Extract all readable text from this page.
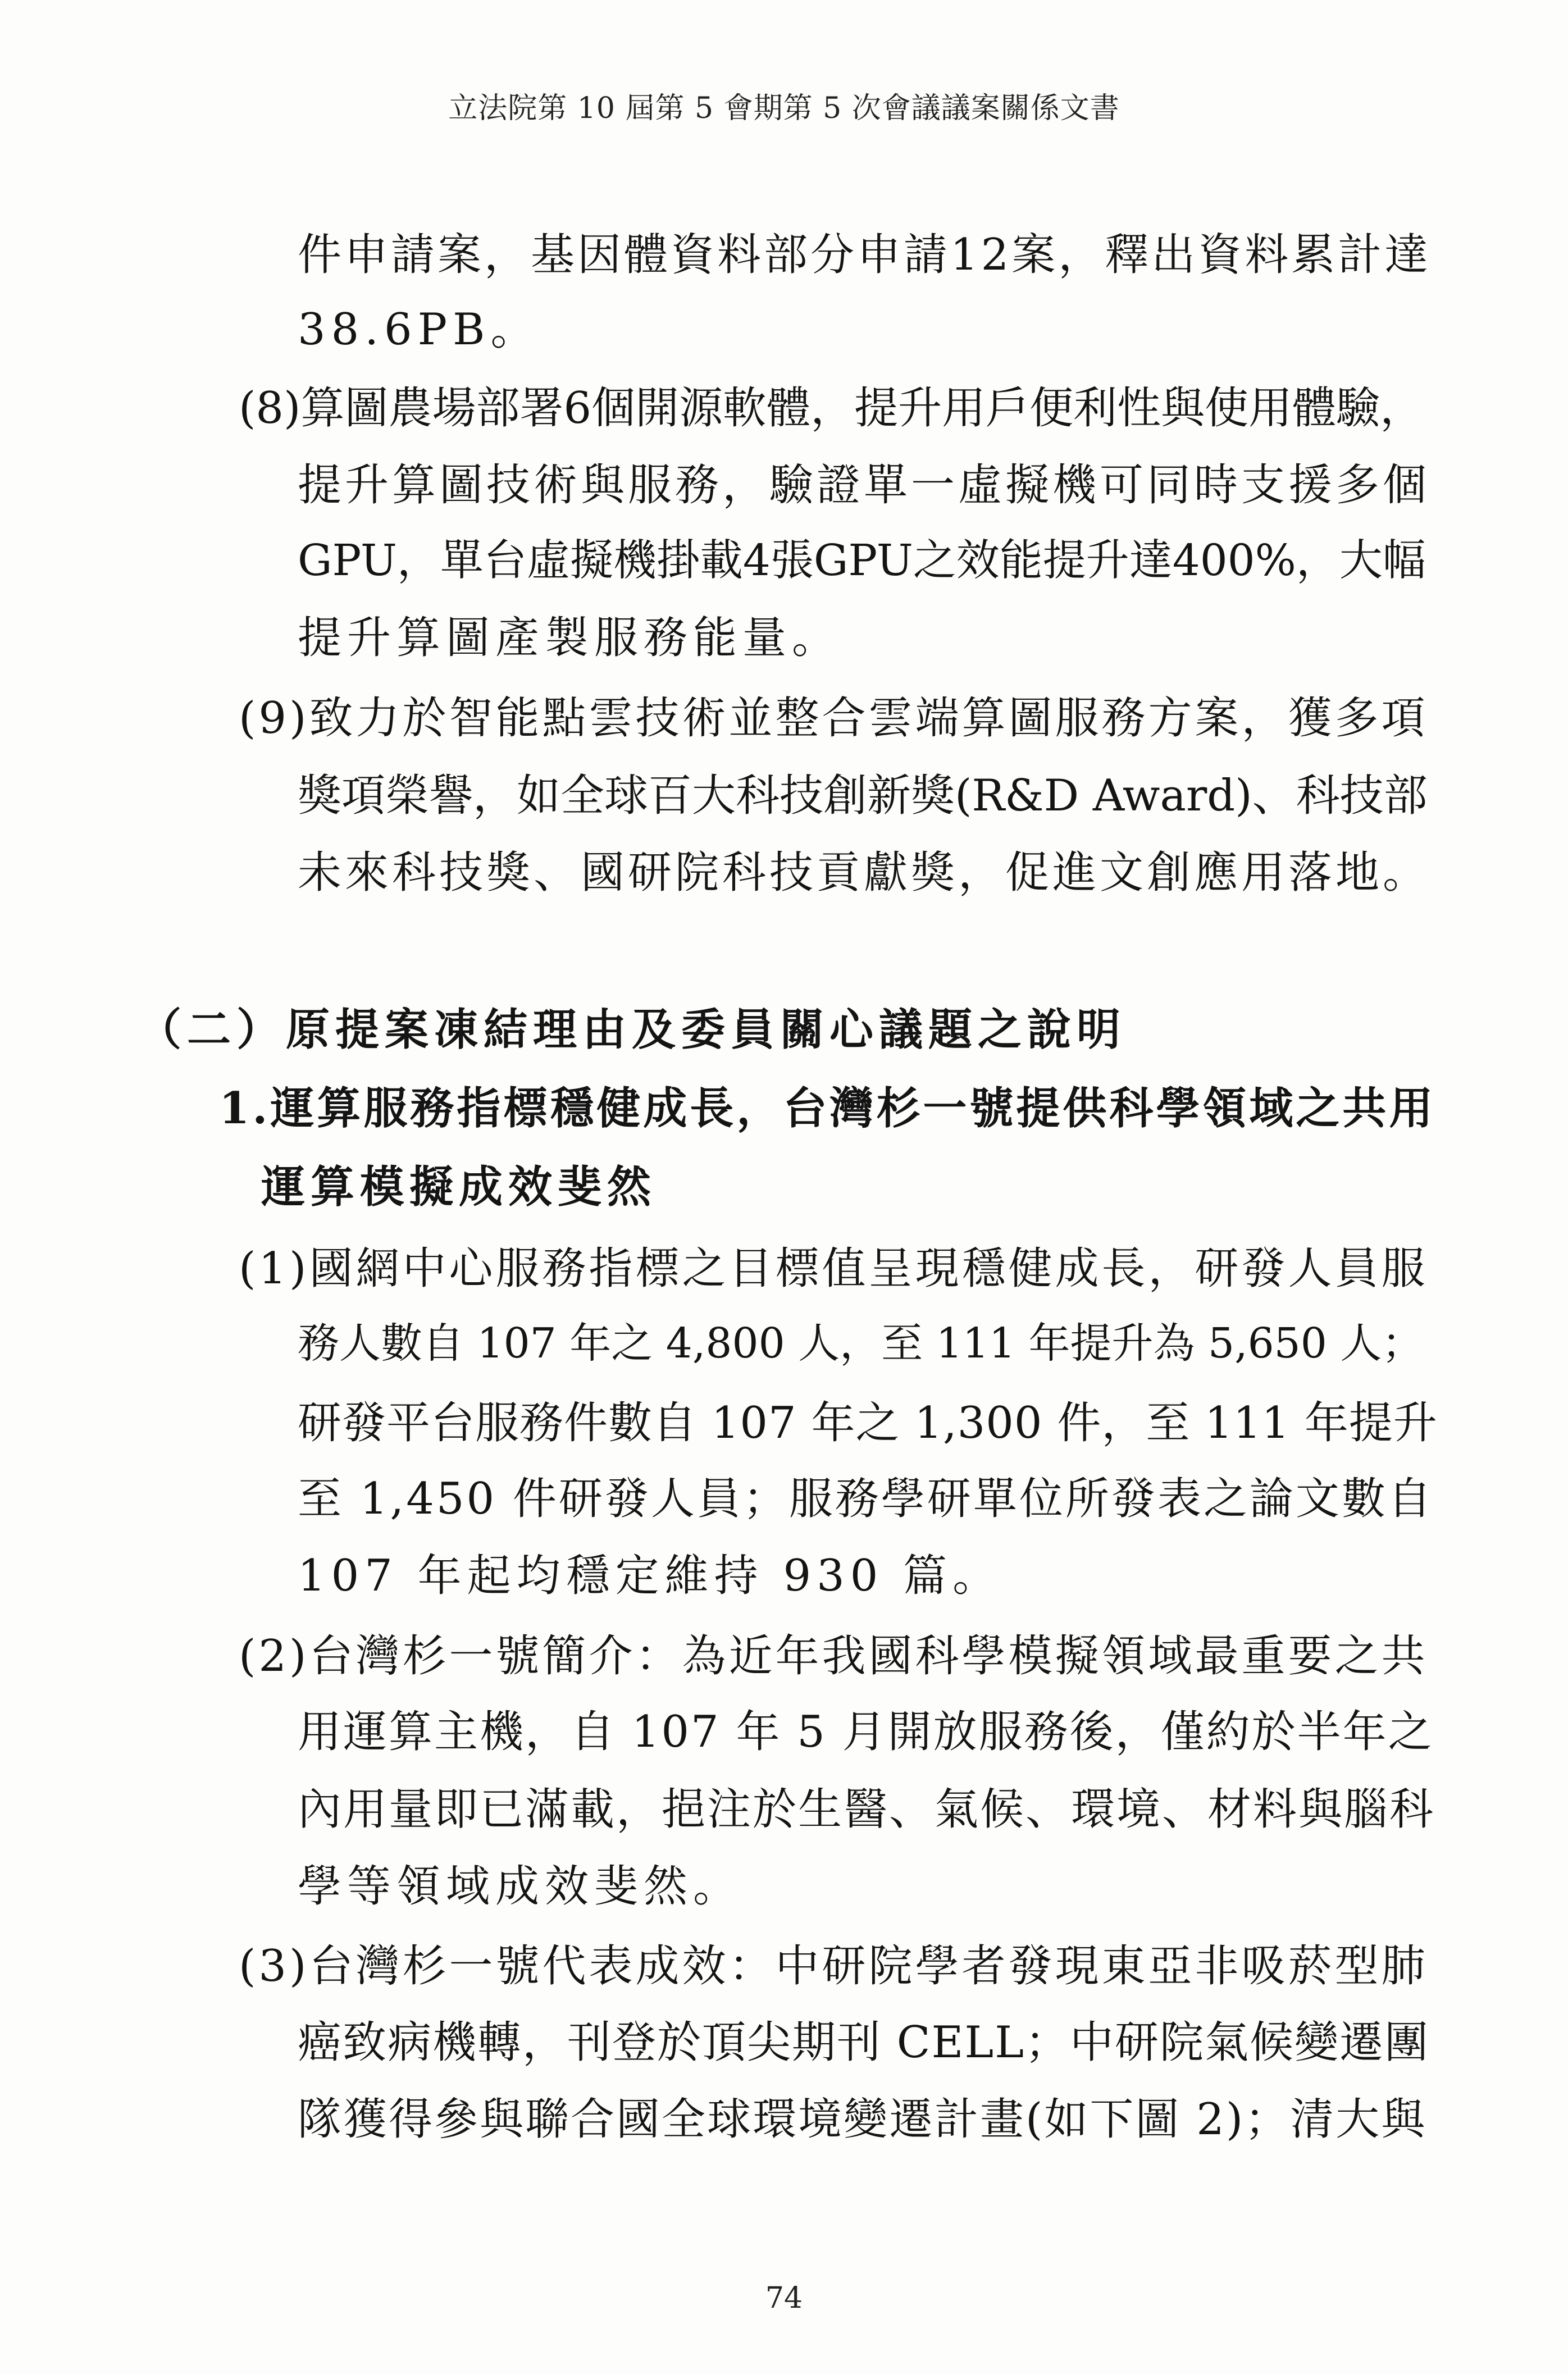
立法院第 10 屆第 5 會期第 5 次會議議案關係文書
件申請案，基因體資料部分申請12案，釋出資料累計達
38.6PB。
(8)算圖農場部署6個開源軟體，提升用戶便利性與使用體驗，
提升算圖技術與服務，驗證單一虛擬機可同時支援多個
GPU，單台虛擬機掛載4張GPU之效能提升達400%，大幅
提升算圖產製服務能量。
(9)致力於智能點雲技術並整合雲端算圖服務方案，獲多項
獎項榮譽，如全球百大科技創新獎(R&D Award)、科技部
未來科技獎、國研院科技貢獻獎，促進文創應用落地。
（二）原提案凍結理由及委員關心議題之說明
1.運算服務指標穩健成長，台灣杉一號提供科學領域之共用
運算模擬成效斐然
(1)國網中心服務指標之目標值呈現穩健成長，研發人員服
務人數自 107 年之 4,800 人，至 111 年提升為 5,650 人；
研發平台服務件數自 107 年之 1,300 件，至 111 年提升
至 1,450 件研發人員；服務學研單位所發表之論文數自
107 年起均穩定維持 930 篇。
(2)台灣杉一號簡介：為近年我國科學模擬領域最重要之共
用運算主機，自 107 年 5 月開放服務後，僅約於半年之
內用量即已滿載，挹注於生醫、氣候、環境、材料與腦科
學等領域成效斐然。
(3)台灣杉一號代表成效：中研院學者發現東亞非吸菸型肺
癌致病機轉，刊登於頂尖期刊 CELL；中研院氣候變遷團
隊獲得參與聯合國全球環境變遷計畫(如下圖 2)；清大與
74
